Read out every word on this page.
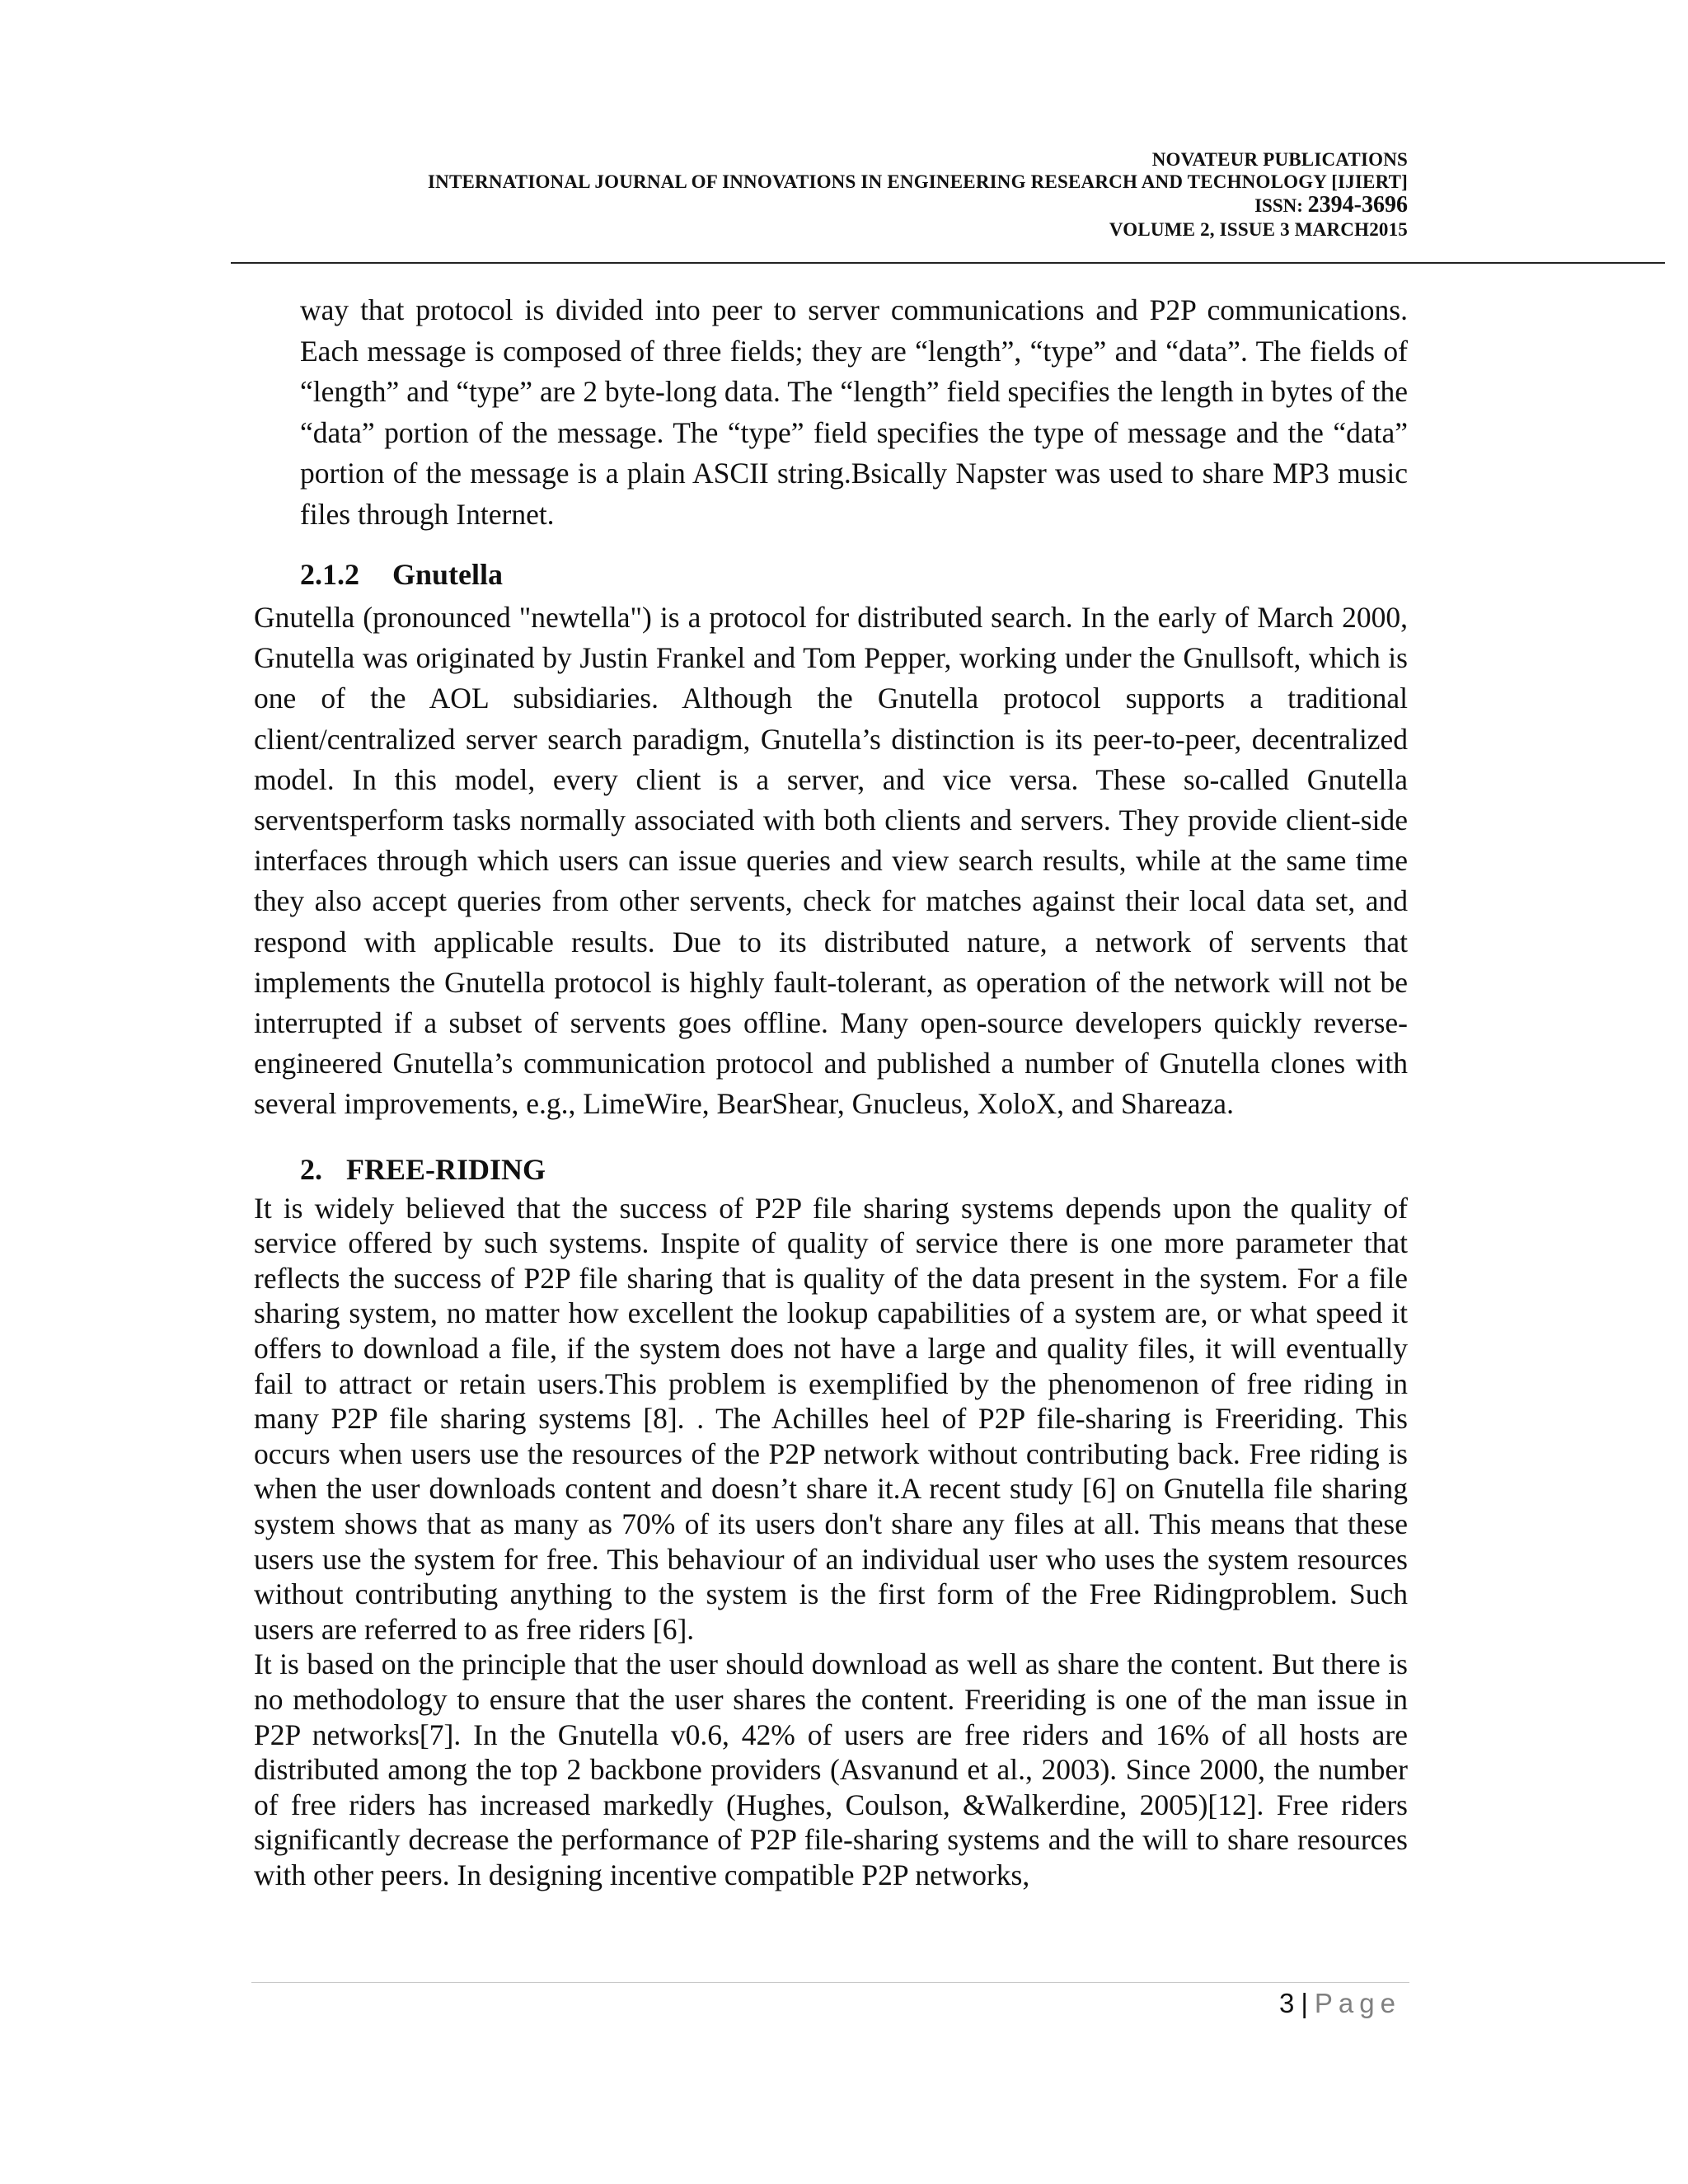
NOVATEUR PUBLICATIONS
INTERNATIONAL JOURNAL OF INNOVATIONS IN ENGINEERING RESEARCH AND TECHNOLOGY [IJIERT]
ISSN: 2394-3696
VOLUME 2, ISSUE 3 MARCH2015

way that protocol is divided into peer to server communications and P2P communications. Each message is composed of three fields; they are “length”, “type” and “data”. The fields of “length” and “type” are 2 byte-long data. The “length” field specifies the length in bytes of the “data” portion of the message. The “type” field specifies the type of message and the “data” portion of the message is a plain ASCII string.Bsically Napster was used to share MP3 music files through Internet.

2.1.2 Gnutella

Gnutella (pronounced "newtella") is a protocol for distributed search. In the early of March 2000, Gnutella was originated by Justin Frankel and Tom Pepper, working under the Gnullsoft, which is one of the AOL subsidiaries. Although the Gnutella protocol supports a traditional client/centralized server search paradigm, Gnutella’s distinction is its peer-to-peer, decentralized model. In this model, every client is a server, and vice versa. These so-called Gnutella serventsperform tasks normally associated with both clients and servers. They provide client-side interfaces through which users can issue queries and view search results, while at the same time they also accept queries from other servents, check for matches against their local data set, and respond with applicable results. Due to its distributed nature, a network of servents that implements the Gnutella protocol is highly fault-tolerant, as operation of the network will not be interrupted if a subset of servents goes offline. Many open-source developers quickly reverse-engineered Gnutella’s communication protocol and published a number of Gnutella clones with several improvements, e.g., LimeWire, BearShear, Gnucleus, XoloX, and Shareaza.

2. FREE-RIDING

It is widely believed that the success of P2P file sharing systems depends upon the quality of service offered by such systems. Inspite of quality of service there is one more parameter that reflects the success of P2P file sharing that is quality of the data present in the system. For a file sharing system, no matter how excellent the lookup capabilities of a system are, or what speed it offers to download a file, if the system does not have a large and quality files, it will eventually fail to attract or retain users.This problem is exemplified by the phenomenon of free riding in many P2P file sharing systems [8]. . The Achilles heel of P2P file-sharing is Freeriding. This occurs when users use the resources of the P2P network without contributing back. Free riding is when the user downloads content and doesn’t share it.A recent study [6] on Gnutella file sharing system shows that as many as 70% of its users don't share any files at all. This means that these users use the system for free. This behaviour of an individual user who uses the system resources without contributing anything to the system is the first form of the Free Ridingproblem. Such users are referred to as free riders [6].

It is based on the principle that the user should download as well as share the content. But there is no methodology to ensure that the user shares the content. Freeriding is one of the man issue in P2P networks[7]. In the Gnutella v0.6, 42% of users are free riders and 16% of all hosts are distributed among the top 2 backbone providers (Asvanund et al., 2003). Since 2000, the number of free riders has increased markedly (Hughes, Coulson, &Walkerdine, 2005)[12]. Free riders significantly decrease the performance of P2P file-sharing systems and the will to share resources with other peers. In designing incentive compatible P2P networks,

3 | Page
